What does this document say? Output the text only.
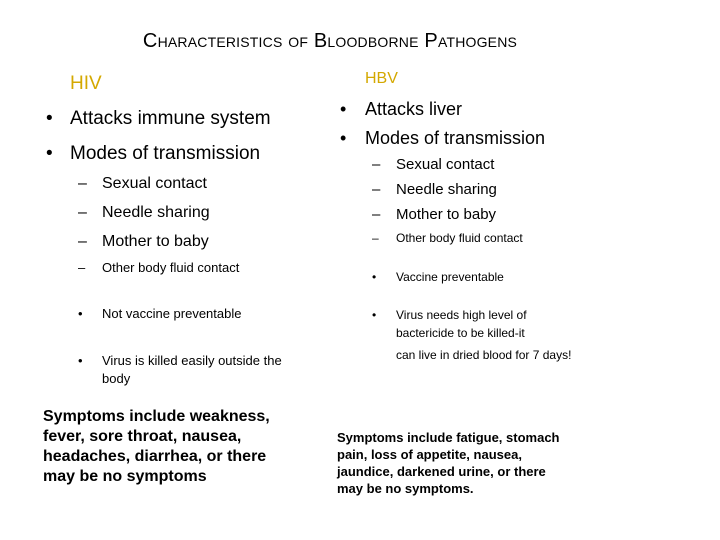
Characteristics of Bloodborne Pathogens
HIV
• Attacks immune system
• Modes of transmission
– Sexual contact
– Needle sharing
– Mother to baby
– Other body fluid contact
• Not vaccine preventable
• Virus is killed easily outside the
body
Symptoms include weakness,
fever, sore throat, nausea,
headaches, diarrhea, or there
may be no symptoms
HBV
• Attacks liver
• Modes of transmission
– Sexual contact
– Needle sharing
– Mother to baby
– Other body fluid contact
• Vaccine preventable
• Virus needs high level of
bactericide to be killed-it
can live in dried blood for 7 days!
Symptoms include fatigue, stomach
pain, loss of appetite, nausea,
jaundice, darkened urine, or there
may be no symptoms.
